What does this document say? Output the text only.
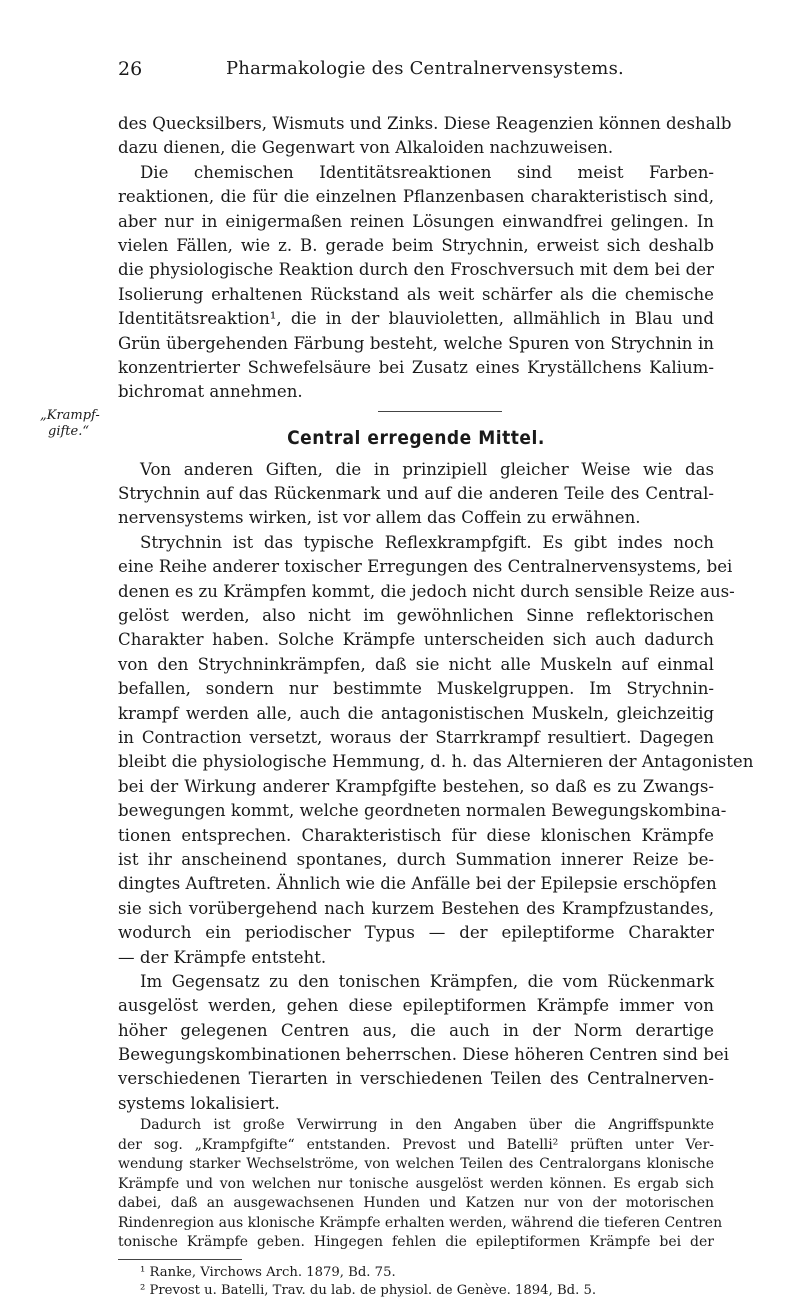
26	Pharmakologie des Centralnervensystems.
„Krampf-
gifte.“
des Quecksilbers, Wismuts und Zinks. Diese Reagenzien können deshalb
dazu dienen, die Gegenwart von Alkaloiden nachzuweisen.
Die chemischen Identitätsreaktionen sind meist Farben-
reaktionen, die für die einzelnen Pflanzenbasen charakteristisch sind,
aber nur in einigermaßen reinen Lösungen einwandfrei gelingen. In
vielen Fällen, wie z. B. gerade beim Strychnin, erweist sich deshalb
die physiologische Reaktion durch den Froschversuch mit dem bei der
Isolierung erhaltenen Rückstand als weit schärfer als die chemische
Identitätsreaktion¹, die in der blauvioletten, allmählich in Blau und
Grün übergehenden Färbung besteht, welche Spuren von Strychnin in
konzentrierter Schwefelsäure bei Zusatz eines Kryställchens Kalium-
bichromat annehmen.
Central erregende Mittel.
Von anderen Giften, die in prinzipiell gleicher Weise wie das
Strychnin auf das Rückenmark und auf die anderen Teile des Central-
nervensystems wirken, ist vor allem das Coffein zu erwähnen.
Strychnin ist das typische Reflexkrampfgift. Es gibt indes noch
eine Reihe anderer toxischer Erregungen des Centralnervensystems, bei
denen es zu Krämpfen kommt, die jedoch nicht durch sensible Reize aus-
gelöst werden, also nicht im gewöhnlichen Sinne reflektorischen
Charakter haben. Solche Krämpfe unterscheiden sich auch dadurch
von den Strychninkrämpfen, daß sie nicht alle Muskeln auf einmal
befallen, sondern nur bestimmte Muskelgruppen. Im Strychnin-
krampf werden alle, auch die antagonistischen Muskeln, gleichzeitig
in Contraction versetzt, woraus der Starrkrampf resultiert. Dagegen
bleibt die physiologische Hemmung, d. h. das Alternieren der Antagonisten
bei der Wirkung anderer Krampfgifte bestehen, so daß es zu Zwangs-
bewegungen kommt, welche geordneten normalen Bewegungskombina-
tionen entsprechen. Charakteristisch für diese klonischen Krämpfe
ist ihr anscheinend spontanes, durch Summation innerer Reize be-
dingtes Auftreten. Ähnlich wie die Anfälle bei der Epilepsie erschöpfen
sie sich vorübergehend nach kurzem Bestehen des Krampfzustandes,
wodurch ein periodischer Typus — der epileptiforme Charakter
— der Krämpfe entsteht.
Im Gegensatz zu den tonischen Krämpfen, die vom Rückenmark
ausgelöst werden, gehen diese epileptiformen Krämpfe immer von
höher gelegenen Centren aus, die auch in der Norm derartige
Bewegungskombinationen beherrschen. Diese höheren Centren sind bei
verschiedenen Tierarten in verschiedenen Teilen des Centralnerven-
systems lokalisiert.
Dadurch ist große Verwirrung in den Angaben über die Angriffspunkte
der sog. „Krampfgifte“ entstanden. Prevost und Batelli² prüften unter Ver-
wendung starker Wechselströme, von welchen Teilen des Centralorgans klonische
Krämpfe und von welchen nur tonische ausgelöst werden können. Es ergab sich
dabei, daß an ausgewachsenen Hunden und Katzen nur von der motorischen
Rindenregion aus klonische Krämpfe erhalten werden, während die tieferen Centren
tonische Krämpfe geben. Hingegen fehlen die epileptiformen Krämpfe bei der
¹ Ranke, Virchows Arch. 1879, Bd. 75.
² Prevost u. Batelli, Trav. du lab. de physiol. de Genève. 1894, Bd. 5.
